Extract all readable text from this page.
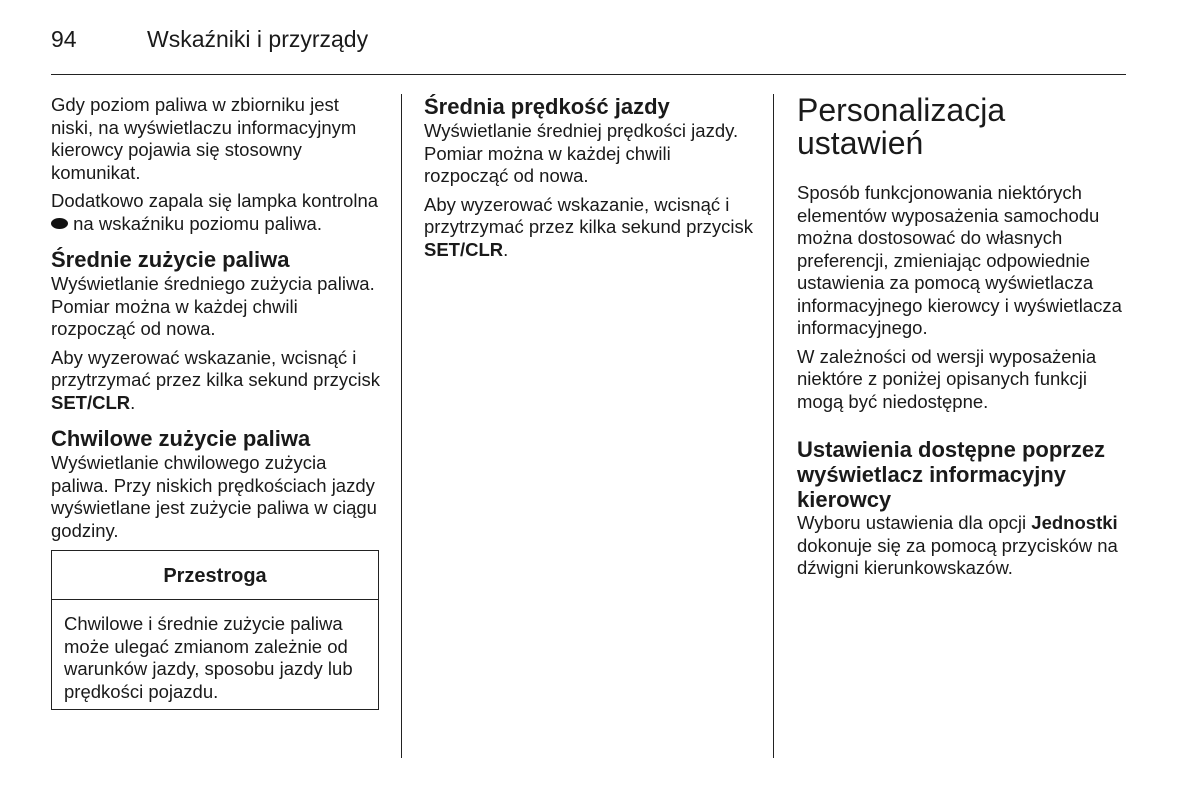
94	Wskaźniki i przyrządy

Gdy poziom paliwa w zbiorniku jest niski, na wyświetlaczu informacyjnym kierowcy pojawia się stosowny komunikat.

Dodatkowo zapala się lampka kontrolna  na wskaźniku poziomu paliwa.

Średnie zużycie paliwa

Wyświetlanie średniego zużycia paliwa. Pomiar można w każdej chwili rozpocząć od nowa.

Aby wyzerować wskazanie, wcisnąć i przytrzymać przez kilka sekund przycisk SET/CLR.

Chwilowe zużycie paliwa

Wyświetlanie chwilowego zużycia paliwa. Przy niskich prędkościach jazdy wyświetlane jest zużycie paliwa w ciągu godziny.

Przestroga

Chwilowe i średnie zużycie paliwa może ulegać zmianom zależnie od warunków jazdy, sposobu jazdy lub prędkości pojazdu.

Średnia prędkość jazdy

Wyświetlanie średniej prędkości jazdy. Pomiar można w każdej chwili rozpocząć od nowa.

Aby wyzerować wskazanie, wcisnąć i przytrzymać przez kilka sekund przycisk SET/CLR.

Personalizacja ustawień

Sposób funkcjonowania niektórych elementów wyposażenia samochodu można dostosować do własnych preferencji, zmieniając odpowiednie ustawienia za pomocą wyświetlacza informacyjnego kierowcy i wyświetlacza informacyjnego.

W zależności od wersji wyposażenia niektóre z poniżej opisanych funkcji mogą być niedostępne.

Ustawienia dostępne poprzez wyświetlacz informacyjny kierowcy

Wyboru ustawienia dla opcji Jednostki dokonuje się za pomocą przycisków na dźwigni kierunkowskazów.
